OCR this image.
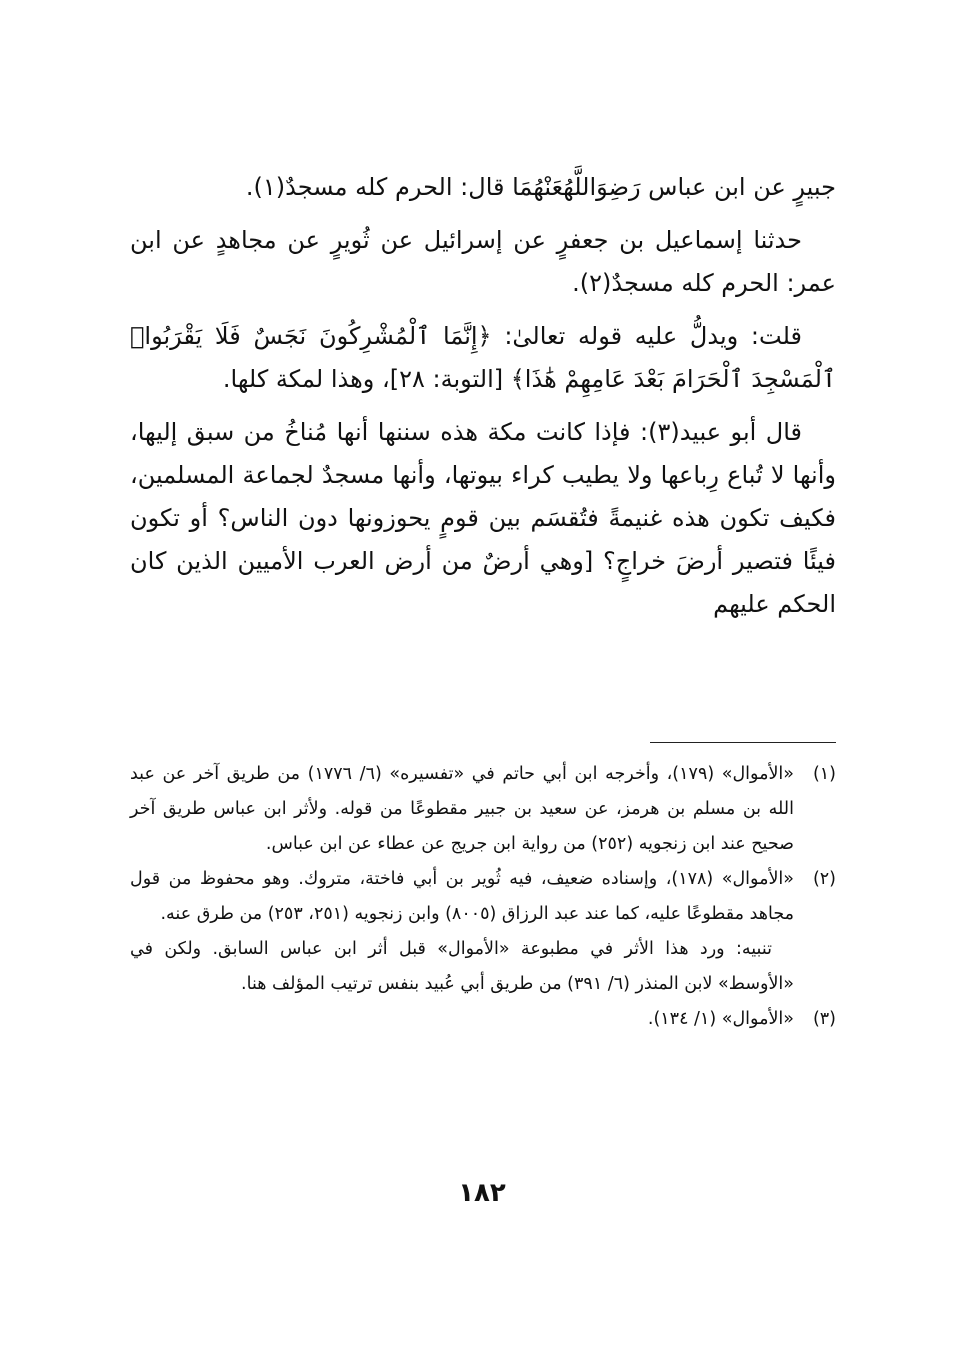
جبيرٍ عن ابن عباس رَضِوَاللَّهُعَنْهُمَا قال: الحرم كله مسجدٌ(١).

حدثنا إسماعيل بن جعفرٍ عن إسرائيل عن ثُويرٍ عن مجاهدٍ عن ابن عمر: الحرم كله مسجدٌ(٢).

قلت: ويدلُّ عليه قوله تعالىٰ: ﴿إِنَّمَا ٱلْمُشْرِكُونَ نَجَسٌ فَلَا يَقْرَبُوا۟ ٱلْمَسْجِدَ ٱلْحَرَامَ بَعْدَ عَامِهِمْ هَٰذَا﴾ [التوبة: ٢٨]، وهذا لمكة كلها.

قال أبو عبيد(٣): فإذا كانت مكة هذه سننها أنها مُناخُ من سبق إليها، وأنها لا تُباع رِباعها ولا يطيب كراء بيوتها، وأنها مسجدٌ لجماعة المسلمين، فكيف تكون هذه غنيمةً فتُقسَم بين قومٍ يحوزونها دون الناس؟ أو تكون فيئًا فتصير أرضَ خراجٍ؟ [وهي أرضٌ من أرض العرب الأميين الذين كان الحكم عليهم

(١)
«الأموال» (١٧٩)، وأخرجه ابن أبي حاتم في «تفسيره» (٦/ ١٧٧٦) من طريق آخر عن عبد الله بن مسلم بن هرمز، عن سعيد بن جبير مقطوعًا من قوله. ولأثر ابن عباس طريق آخر صحيح عند ابن زنجويه (٢٥٢) من رواية ابن جريج عن عطاء عن ابن عباس.
(٢)
«الأموال» (١٧٨)، وإسناده ضعيف، فيه ثُوير بن أبي فاختة، متروك. وهو محفوظ من قول مجاهد مقطوعًا عليه، كما عند عبد الرزاق (٨٠٠٥) وابن زنجويه (٢٥١، ٢٥٣) من طرق عنه.
تنبيه: ورد هذا الأثر في مطبوعة «الأموال» قبل أثر ابن عباس السابق. ولكن في «الأوسط» لابن المنذر (٦/ ٣٩١) من طريق أبي عُبيد بنفس ترتيب المؤلف هنا.
(٣)
«الأموال» (١/ ١٣٤).
١٨٢
